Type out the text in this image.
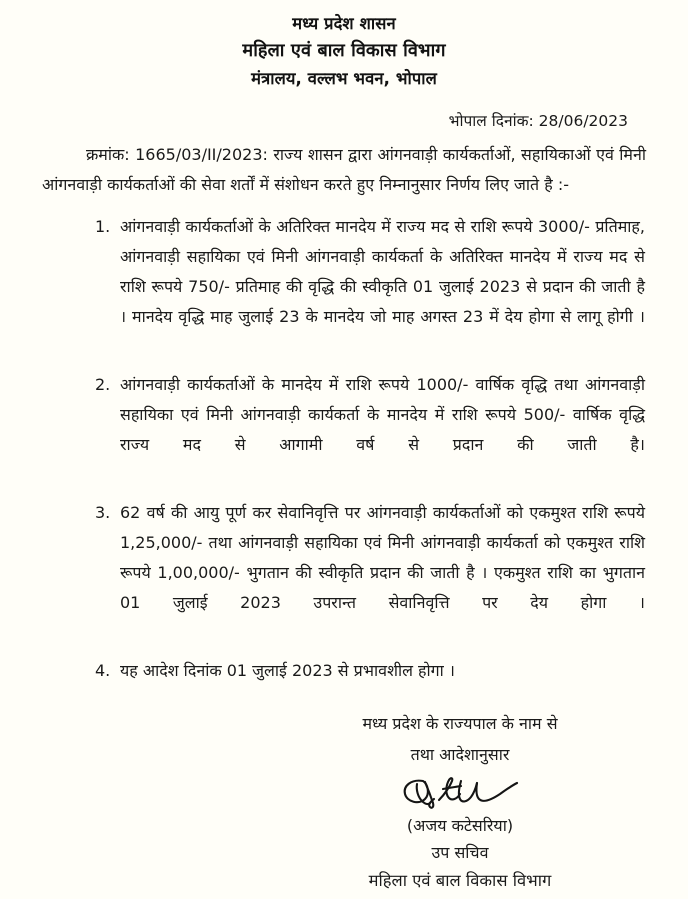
मध्य प्रदेश शासन
महिला एवं बाल विकास विभाग
मंत्रालय, वल्लभ भवन, भोपाल
भोपाल दिनांक: 28/06/2023

क्रमांक: 1665/03/II/2023: राज्य शासन द्वारा आंगनवाड़ी कार्यकर्ताओं, सहायिकाओं एवं मिनी आंगनवाड़ी कार्यकर्ताओं की सेवा शर्तों में संशोधन करते हुए निम्नानुसार निर्णय लिए जाते है :-

1. आंगनवाड़ी कार्यकर्ताओं के अतिरिक्त मानदेय में राज्य मद से राशि रूपये 3000/- प्रतिमाह, आंगनवाड़ी सहायिका एवं मिनी आंगनवाड़ी कार्यकर्ता के अतिरिक्त मानदेय में राज्य मद से राशि रूपये 750/- प्रतिमाह की वृद्धि की स्वीकृति 01 जुलाई 2023 से प्रदान की जाती है । मानदेय वृद्धि माह जुलाई 23 के मानदेय जो माह अगस्त 23 में देय होगा से लागू होगी ।
2. आंगनवाड़ी कार्यकर्ताओं के मानदेय में राशि रूपये 1000/- वार्षिक वृद्धि तथा आंगनवाड़ी सहायिका एवं मिनी आंगनवाड़ी कार्यकर्ता के मानदेय में राशि रूपये 500/- वार्षिक वृद्धि राज्य मद से आगामी वर्ष से प्रदान की जाती है।
3. 62 वर्ष की आयु पूर्ण कर सेवानिवृत्ति पर आंगनवाड़ी कार्यकर्ताओं को एकमुश्त राशि रूपये 1,25,000/- तथा आंगनवाड़ी सहायिका एवं मिनी आंगनवाड़ी कार्यकर्ता को एकमुश्त राशि रूपये 1,00,000/- भुगतान की स्वीकृति प्रदान की जाती है । एकमुश्त राशि का भुगतान 01 जुलाई 2023 उपरान्त सेवानिवृत्ति पर देय होगा ।
4. यह आदेश दिनांक 01 जुलाई 2023 से प्रभावशील होगा ।
मध्य प्रदेश के राज्यपाल के नाम से
तथा आदेशानुसार
(अजय कटेसरिया)
उप सचिव
महिला एवं बाल विकास विभाग
